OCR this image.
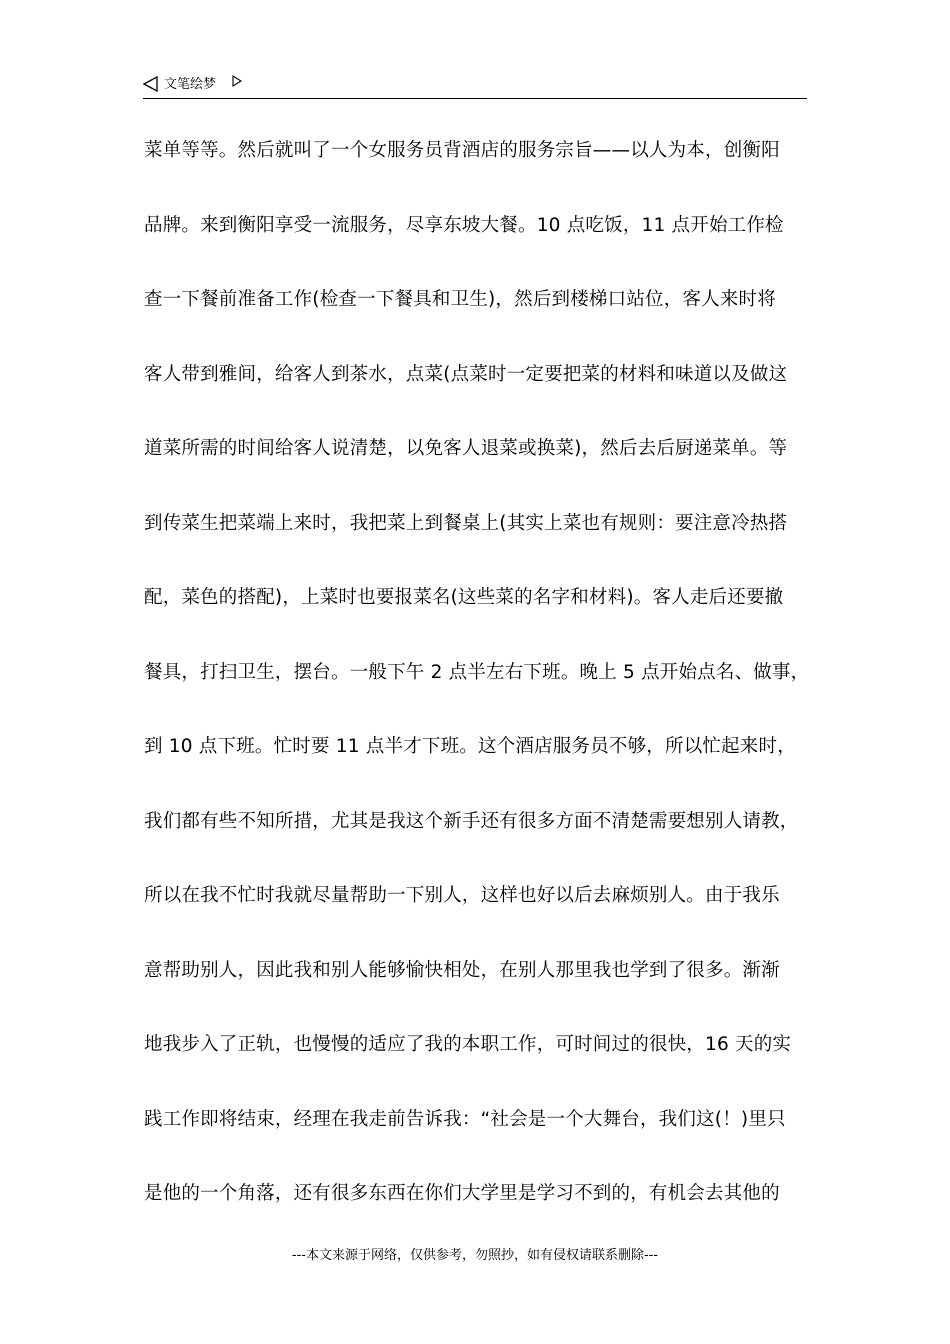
文笔绘梦
菜单等等。然后就叫了一个女服务员背酒店的服务宗旨——以人为本，创衡阳
品牌。来到衡阳享受一流服务，尽享东坡大餐。10 点吃饭，11 点开始工作检
查一下餐前准备工作(检查一下餐具和卫生)，然后到楼梯口站位，客人来时将
客人带到雅间，给客人到茶水，点菜(点菜时一定要把菜的材料和味道以及做这
道菜所需的时间给客人说清楚，以免客人退菜或换菜)，然后去后厨递菜单。等
到传菜生把菜端上来时，我把菜上到餐桌上(其实上菜也有规则：要注意冷热搭
配，菜色的搭配)，上菜时也要报菜名(这些菜的名字和材料)。客人走后还要撤
餐具，打扫卫生，摆台。一般下午 2 点半左右下班。晚上 5 点开始点名、做事，
到 10 点下班。忙时要 11 点半才下班。这个酒店服务员不够，所以忙起来时，
我们都有些不知所措，尤其是我这个新手还有很多方面不清楚需要想别人请教，
所以在我不忙时我就尽量帮助一下别人，这样也好以后去麻烦别人。由于我乐
意帮助别人，因此我和别人能够愉快相处，在别人那里我也学到了很多。渐渐
地我步入了正轨，也慢慢的适应了我的本职工作，可时间过的很快，16 天的实
践工作即将结束，经理在我走前告诉我：“社会是一个大舞台，我们这(！)里只
是他的一个角落，还有很多东西在你们大学里是学习不到的，有机会去其他的
---本文来源于网络，仅供参考，勿照抄，如有侵权请联系删除---
